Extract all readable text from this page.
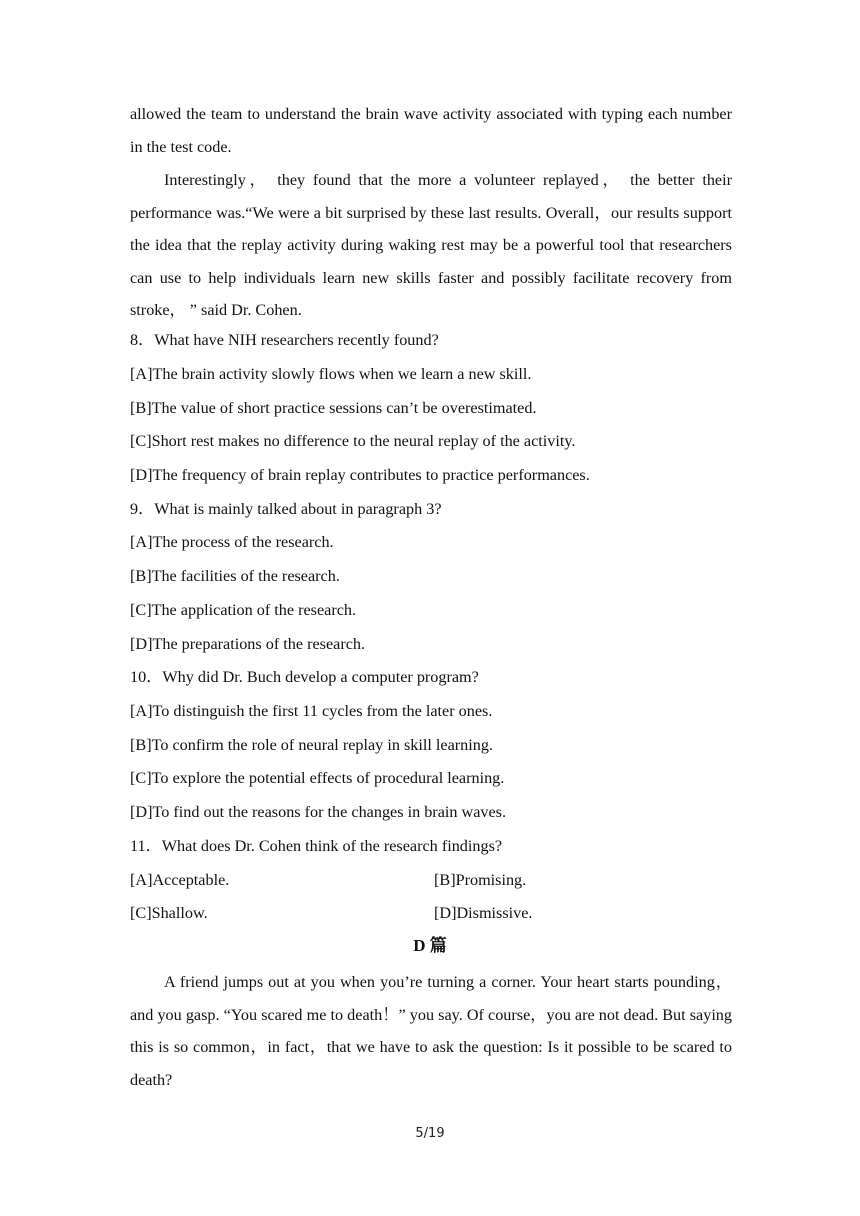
allowed the team to understand the brain wave activity associated with typing each number in the test code.

Interestingly， they found that the more a volunteer replayed， the better their performance was.“We were a bit surprised by these last results. Overall，our results support the idea that the replay activity during waking rest may be a powerful tool that researchers can use to help individuals learn new skills faster and possibly facilitate recovery from stroke， ” said Dr. Cohen.

8．What have NIH researchers recently found?
[A]The brain activity slowly flows when we learn a new skill.
[B]The value of short practice sessions can’t be overestimated.
[C]Short rest makes no difference to the neural replay of the activity.
[D]The frequency of brain replay contributes to practice performances.
9．What is mainly talked about in paragraph 3?
[A]The process of the research.
[B]The facilities of the research.
[C]The application of the research.
[D]The preparations of the research.
10．Why did Dr. Buch develop a computer program?
[A]To distinguish the first 11 cycles from the later ones.
[B]To confirm the role of neural replay in skill learning.
[C]To explore the potential effects of procedural learning.
[D]To find out the reasons for the changes in brain waves.
11．What does Dr. Cohen think of the research findings?
[A]Acceptable.	[B]Promising.
[C]Shallow.	[D]Dismissive.
D 篇

A friend jumps out at you when you’re turning a corner. Your heart starts pounding，and you gasp. “You scared me to death！” you say. Of course，you are not dead. But saying this is so common，in fact，that we have to ask the question: Is it possible to be scared to death?

5/19
